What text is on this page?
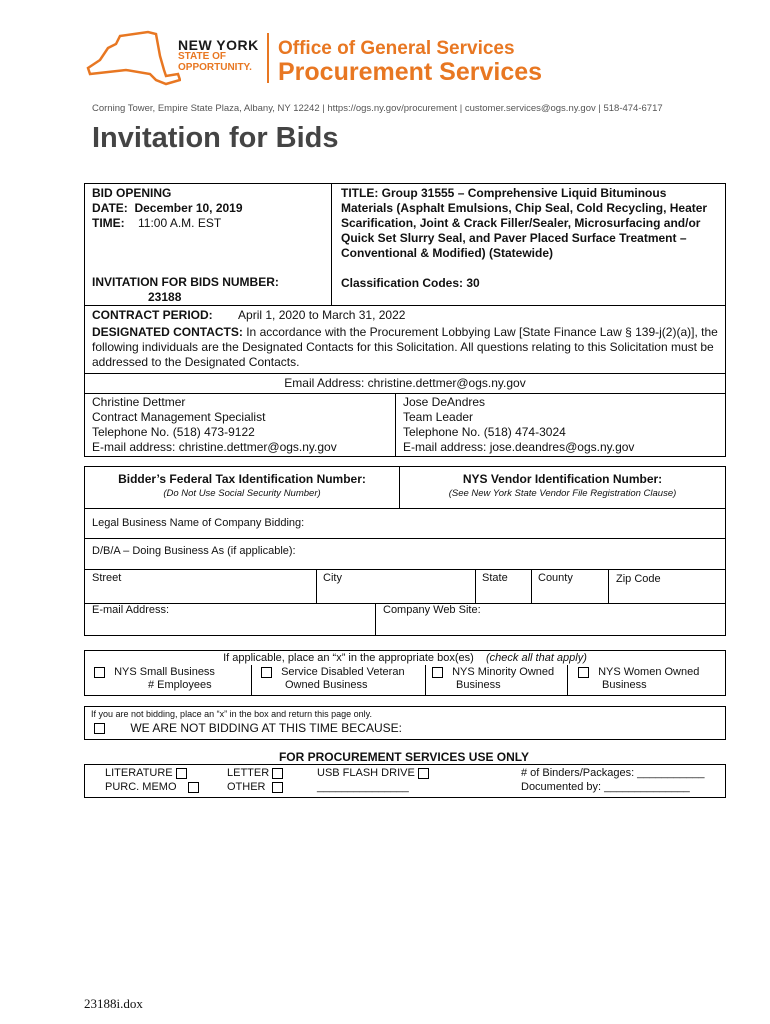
NEW YORK
STATE OF
OPPORTUNITY.
Office of General Services
Procurement Services
Corning Tower, Empire State Plaza, Albany, NY 12242 | https://ogs.ny.gov/procurement | customer.services@ogs.ny.gov | 518-474-6717
Invitation for Bids
BID OPENING
DATE: December 10, 2019
TIME: 11:00 A.M. EST
INVITATION FOR BIDS NUMBER:
23188
TITLE: Group 31555 – Comprehensive Liquid Bituminous Materials (Asphalt Emulsions, Chip Seal, Cold Recycling, Heater Scarification, Joint & Crack Filler/Sealer, Microsurfacing and/or Quick Set Slurry Seal, and Paver Placed Surface Treatment – Conventional & Modified) (Statewide)
Classification Codes: 30
CONTRACT PERIOD: April 1, 2020 to March 31, 2022
DESIGNATED CONTACTS: In accordance with the Procurement Lobbying Law [State Finance Law § 139-j(2)(a)], the following individuals are the Designated Contacts for this Solicitation. All questions relating to this Solicitation must be addressed to the Designated Contacts.
Email Address: christine.dettmer@ogs.ny.gov
Christine Dettmer
Contract Management Specialist
Telephone No. (518) 473-9122
E-mail address: christine.dettmer@ogs.ny.gov
Jose DeAndres
Team Leader
Telephone No. (518) 474-3024
E-mail address: jose.deandres@ogs.ny.gov
Bidder’s Federal Tax Identification Number:
(Do Not Use Social Security Number)
NYS Vendor Identification Number:
(See New York State Vendor File Registration Clause)
Legal Business Name of Company Bidding:
D/B/A – Doing Business As (if applicable):
Street	City	State	County	Zip Code
E-mail Address:	Company Web Site:
If applicable, place an “x” in the appropriate box(es) (check all that apply)
NYS Small Business
# Employees
Service Disabled Veteran
Owned Business
NYS Minority Owned
Business
NYS Women Owned
Business
If you are not bidding, place an “x” in the box and return this page only.
WE ARE NOT BIDDING AT THIS TIME BECAUSE:
FOR PROCUREMENT SERVICES USE ONLY
LITERATURE
PURC. MEMO
LETTER
OTHER
USB FLASH DRIVE
_______________
# of Binders/Packages: ___________
Documented by: ______________
23188i.dox
